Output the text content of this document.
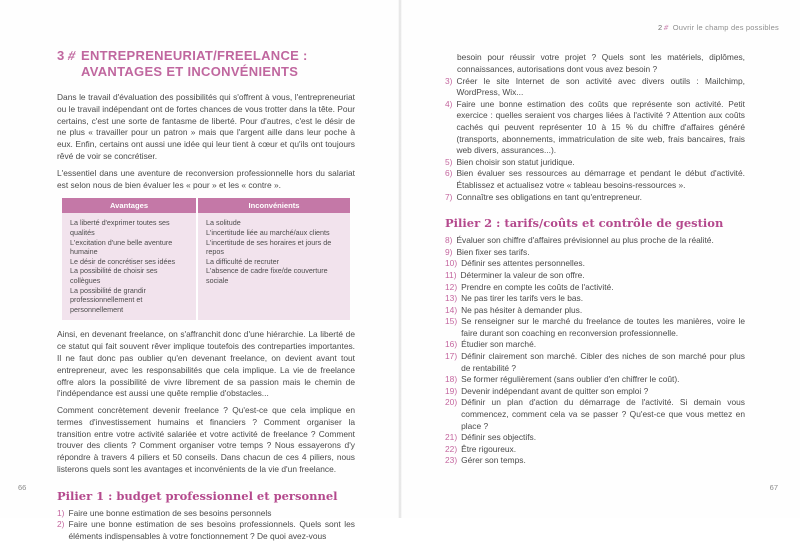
3 # ENTREPRENEURIAT/FREELANCE :
AVANTAGES ET INCONVÉNIENTS

Dans le travail d'évaluation des possibilités qui s'offrent à vous, l'entrepreneuriat ou le travail indépendant ont de fortes chances de vous trotter dans la tête. Pour certains, c'est une sorte de fantasme de liberté. Pour d'autres, c'est le désir de ne plus « travailler pour un patron » mais que l'argent aille dans leur poche à eux. Enfin, certains ont aussi une idée qui leur tient à cœur et qu'ils ont toujours rêvé de voir se concrétiser.

L'essentiel dans une aventure de reconversion professionnelle hors du salariat est selon nous de bien évaluer les « pour » et les « contre ».

Avantages
La liberté d'exprimer toutes ses qualités
L'excitation d'une belle aventure humaine
Le désir de concrétiser ses idées
La possibilité de choisir ses collègues
La possibilité de grandir professionnellement et personnellement
Inconvénients
La solitude
L'incertitude liée au marché/aux clients
L'incertitude de ses horaires et jours de repos
La difficulté de recruter
L'absence de cadre fixe/de couverture sociale

Ainsi, en devenant freelance, on s'affranchit donc d'une hiérarchie. La liberté de ce statut qui fait souvent rêver implique toutefois des contreparties importantes. Il ne faut donc pas oublier qu'en devenant freelance, on devient avant tout entrepreneur, avec les responsabilités que cela implique. La vie de freelance offre alors la possibilité de vivre librement de sa passion mais le chemin de l'indépendance est aussi une quête remplie d'obstacles...

Comment concrètement devenir freelance ? Qu'est-ce que cela implique en termes d'investissement humains et financiers ? Comment organiser la transition entre votre activité salariée et votre activité de freelance ? Comment trouver des clients ? Comment organiser votre temps ? Nous essayerons d'y répondre à travers 4 piliers et 50 conseils. Dans chacun de ces 4 piliers, nous listerons quels sont les avantages et inconvénients de la vie d'un freelance.

Pilier 1 : budget professionnel et personnel
1) Faire une bonne estimation de ses besoins personnels
2) Faire une bonne estimation de ses besoins professionnels. Quels sont les éléments indispensables à votre fonctionnement ? De quoi avez-vous
66
2# Ouvrir le champ des possibles

besoin pour réussir votre projet ? Quels sont les matériels, diplômes, connaissances, autorisations dont vous avez besoin ?

3) Créer le site Internet de son activité avec divers outils : Mailchimp, WordPress, Wix...
4) Faire une bonne estimation des coûts que représente son activité. Petit exercice : quelles seraient vos charges liées à l'activité ? Attention aux coûts cachés qui peuvent représenter 10 à 15 % du chiffre d'affaires généré (transports, abonnements, immatriculation de site web, frais bancaires, frais web divers, assurances...).
5) Bien choisir son statut juridique.
6) Bien évaluer ses ressources au démarrage et pendant le début d'activité. Établissez et actualisez votre « tableau besoins-ressources ».
7) Connaître ses obligations en tant qu'entrepreneur.
Pilier 2 : tarifs/coûts et contrôle de gestion
8) Évaluer son chiffre d'affaires prévisionnel au plus proche de la réalité.
9) Bien fixer ses tarifs.
10) Définir ses attentes personnelles.
11) Déterminer la valeur de son offre.
12) Prendre en compte les coûts de l'activité.
13) Ne pas tirer les tarifs vers le bas.
14) Ne pas hésiter à demander plus.
15) Se renseigner sur le marché du freelance de toutes les manières, voire le faire durant son coaching en reconversion professionnelle.
16) Étudier son marché.
17) Définir clairement son marché. Cibler des niches de son marché pour plus de rentabilité ?
18) Se former régulièrement (sans oublier d'en chiffrer le coût).
19) Devenir indépendant avant de quitter son emploi ?
20) Définir un plan d'action du démarrage de l'activité. Si demain vous commencez, comment cela va se passer ? Qu'est-ce que vous mettez en place ?
21) Définir ses objectifs.
22) Être rigoureux.
23) Gérer son temps.
67
